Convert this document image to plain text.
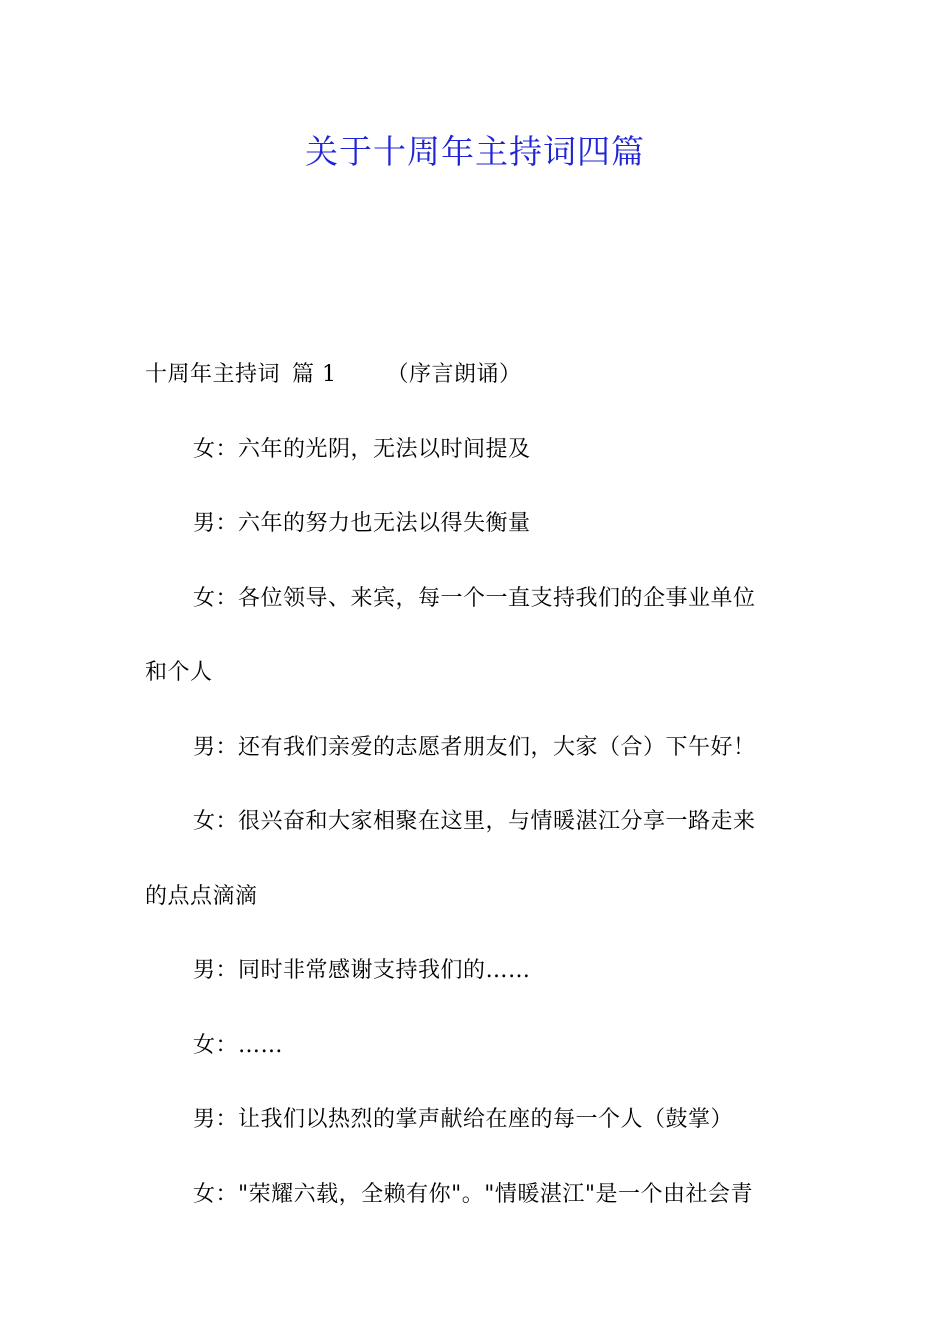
关于十周年主持词四篇
十周年主持词 篇 1 （序言朗诵）
女：六年的光阴，无法以时间提及
男：六年的努力也无法以得失衡量
女：各位领导、来宾，每一个一直支持我们的企事业单位
和个人
男：还有我们亲爱的志愿者朋友们，大家（合）下午好！
女：很兴奋和大家相聚在这里，与情暖湛江分享一路走来
的点点滴滴
男：同时非常感谢支持我们的……
女：……
男：让我们以热烈的掌声献给在座的每一个人（鼓掌）
女："荣耀六载，全赖有你"。"情暖湛江"是一个由社会青
